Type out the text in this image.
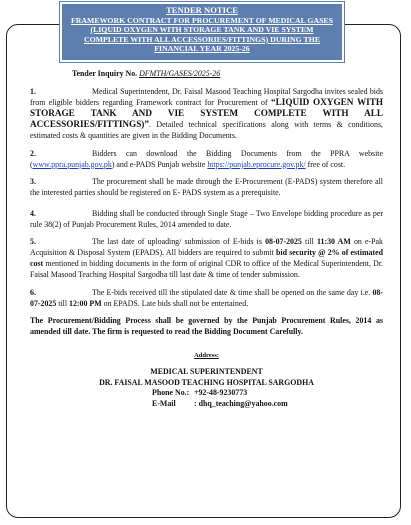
TENDER NOTICE
FRAMEWORK CONTRACT FOR PROCUREMENT OF MEDICAL GASES (LIQUID OXYGEN WITH STORAGE TANK AND VIE SYSTEM COMPLETE WITH ALL ACCESSORIES/FITTINGS) DURING THE FINANCIAL YEAR 2025-26
Tender Inquiry No. DFMTH/GASES/2025-26

1.	Medical Superintendent, Dr. Faisal Masood Teaching Hospital Sargodha invites sealed bids from eligible bidders regarding Framework contract for Procurement of “LIQUID OXYGEN WITH STORAGE TANK AND VIE SYSTEM COMPLETE WITH ALL ACCESSORIES/FITTINGS)”. Detailed technical specifications along with terms & conditions, estimated costs & quantities are given in the Bidding Documents.

2.	Bidders can download the Bidding Documents from the PPRA website (www.ppra.punjab.gov.pk) and e-PADS Punjab website https://punjab.eprocure.gov.pk/ free of cost.

3.	The procurement shall be made through the E-Procurement (E-PADS) system therefore all the interested parties should be registered on E- PADS system as a prerequisite.

4.	Bidding shall be conducted through Single Stage – Two Envelope bidding procedure as per rule 38(2) of Punjab Procurement Rules, 2014 amended to date.

5.	The last date of uploading/ submission of E-bids is 08-07-2025 till 11:30 AM on e-Pak Acquisition & Disposal System (EPADS). All bidders are required to submit bid security @ 2% of estimated cost mentioned in bidding documents in the form of original CDR to office of the Medical Superintendent, Dr. Faisal Masood Teaching Hospital Sargodha till last date & time of tender submission.

6.	The E-bids received till the stipulated date & time shall be opened on the same day i.e. 08-07-2025 till 12:00 PM on EPADS. Late bids shall not be entertained.

The Procurement/Bidding Process shall be governed by the Punjab Procurement Rules, 2014 as amended till date. The firm is requested to read the Bidding Document Carefully.

Address:
MEDICAL SUPERINTENDENT
DR. FAISAL MASOOD TEACHING HOSPITAL SARGODHA
Phone No.: +92-48-9230773
E-Mail : dhq_teaching@yahoo.com
